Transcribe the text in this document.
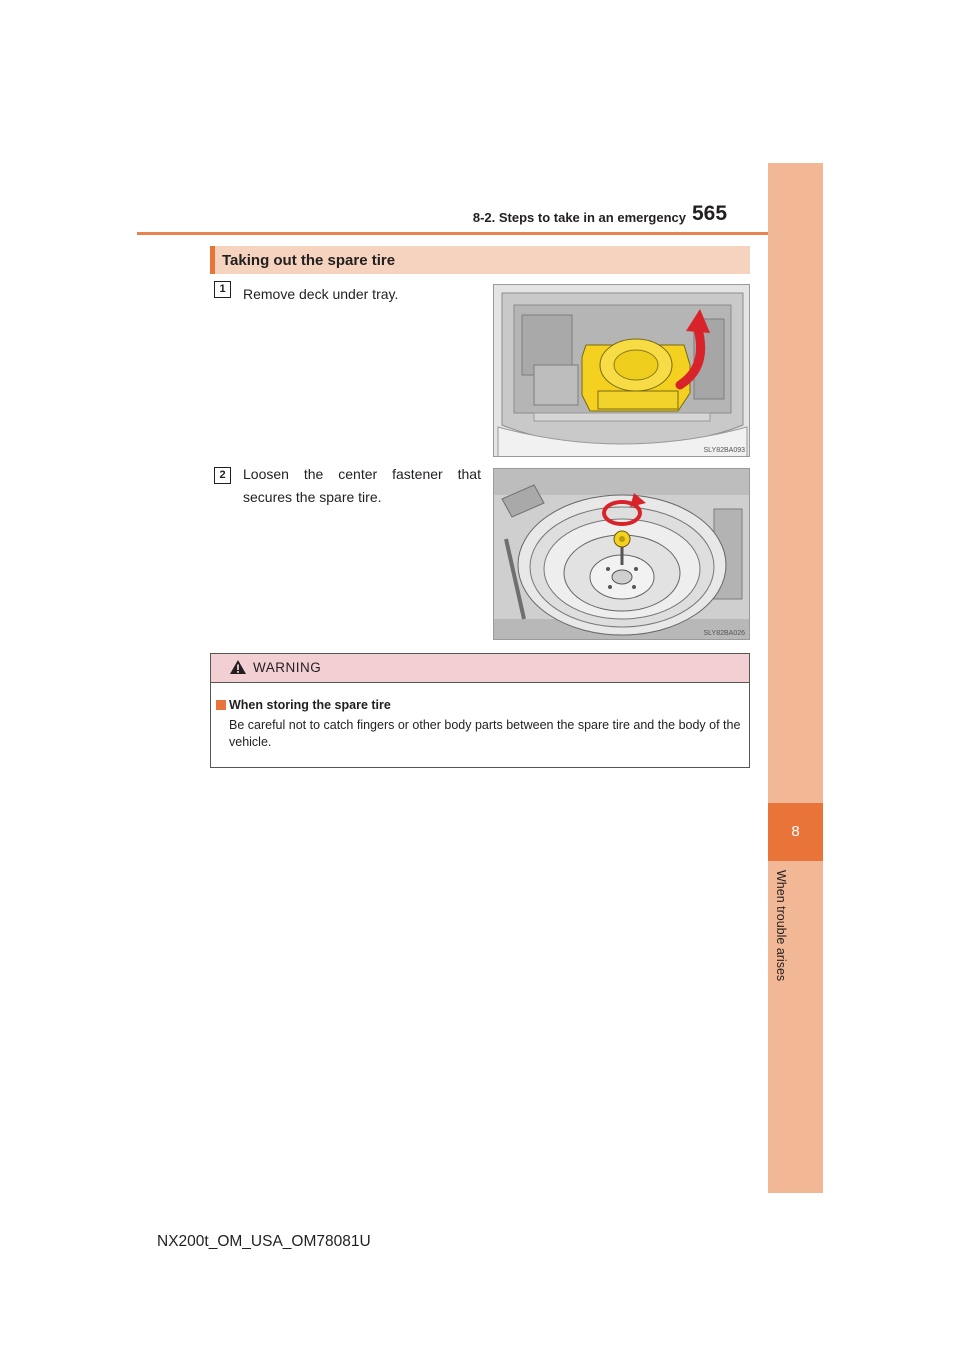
8-2. Steps to take in an emergency 565
8
When trouble arises
Taking out the spare tire
1	Remove deck under tray.
SLY82BA093
2	Loosen the center fastener that secures the spare tire.
SLY82BA026
WARNING
When storing the spare tire
Be careful not to catch fingers or other body parts between the spare tire and the body of the vehicle.
NX200t_OM_USA_OM78081U
